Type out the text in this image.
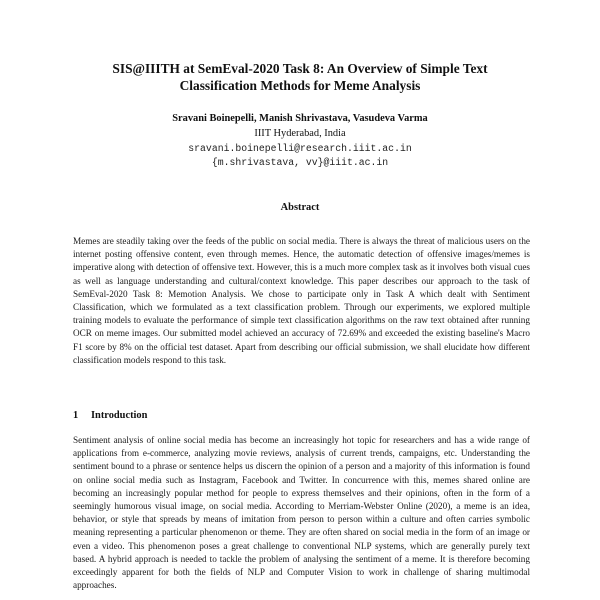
SIS@IIITH at SemEval-2020 Task 8: An Overview of Simple Text
Classification Methods for Meme Analysis
Sravani Boinepelli, Manish Shrivastava, Vasudeva Varma
IIIT Hyderabad, India
sravani.boinepelli@research.iiit.ac.in
{m.shrivastava, vv}@iiit.ac.in
Abstract
Memes are steadily taking over the feeds of the public on social media. There is always the threat of malicious users on the internet posting offensive content, even through memes. Hence, the automatic detection of offensive images/memes is imperative along with detection of offensive text. However, this is a much more complex task as it involves both visual cues as well as language understanding and cultural/context knowledge. This paper describes our approach to the task of SemEval-2020 Task 8: Memotion Analysis. We chose to participate only in Task A which dealt with Sentiment Classification, which we formulated as a text classification problem. Through our experiments, we explored multiple training models to evaluate the performance of simple text classification algorithms on the raw text obtained after running OCR on meme images. Our submitted model achieved an accuracy of 72.69% and exceeded the existing baseline's Macro F1 score by 8% on the official test dataset. Apart from describing our official submission, we shall elucidate how different classification models respond to this task.
1 Introduction
Sentiment analysis of online social media has become an increasingly hot topic for researchers and has a wide range of applications from e-commerce, analyzing movie reviews, analysis of current trends, campaigns, etc. Understanding the sentiment bound to a phrase or sentence helps us discern the opinion of a person and a majority of this information is found on online social media such as Instagram, Facebook and Twitter. In concurrence with this, memes shared online are becoming an increasingly popular method for people to express themselves and their opinions, often in the form of a seemingly humorous visual image, on social media. According to Merriam-Webster Online (2020), a meme is an idea, behavior, or style that spreads by means of imitation from person to person within a culture and often carries symbolic meaning representing a particular phenomenon or theme. They are often shared on social media in the form of an image or even a video. This phenomenon poses a great challenge to conventional NLP systems, which are generally purely text based. A hybrid approach is needed to tackle the problem of analysing the sentiment of a meme. It is therefore becoming exceedingly apparent for both the fields of NLP and Computer Vision to work in challenge of sharing multimodal approaches.
